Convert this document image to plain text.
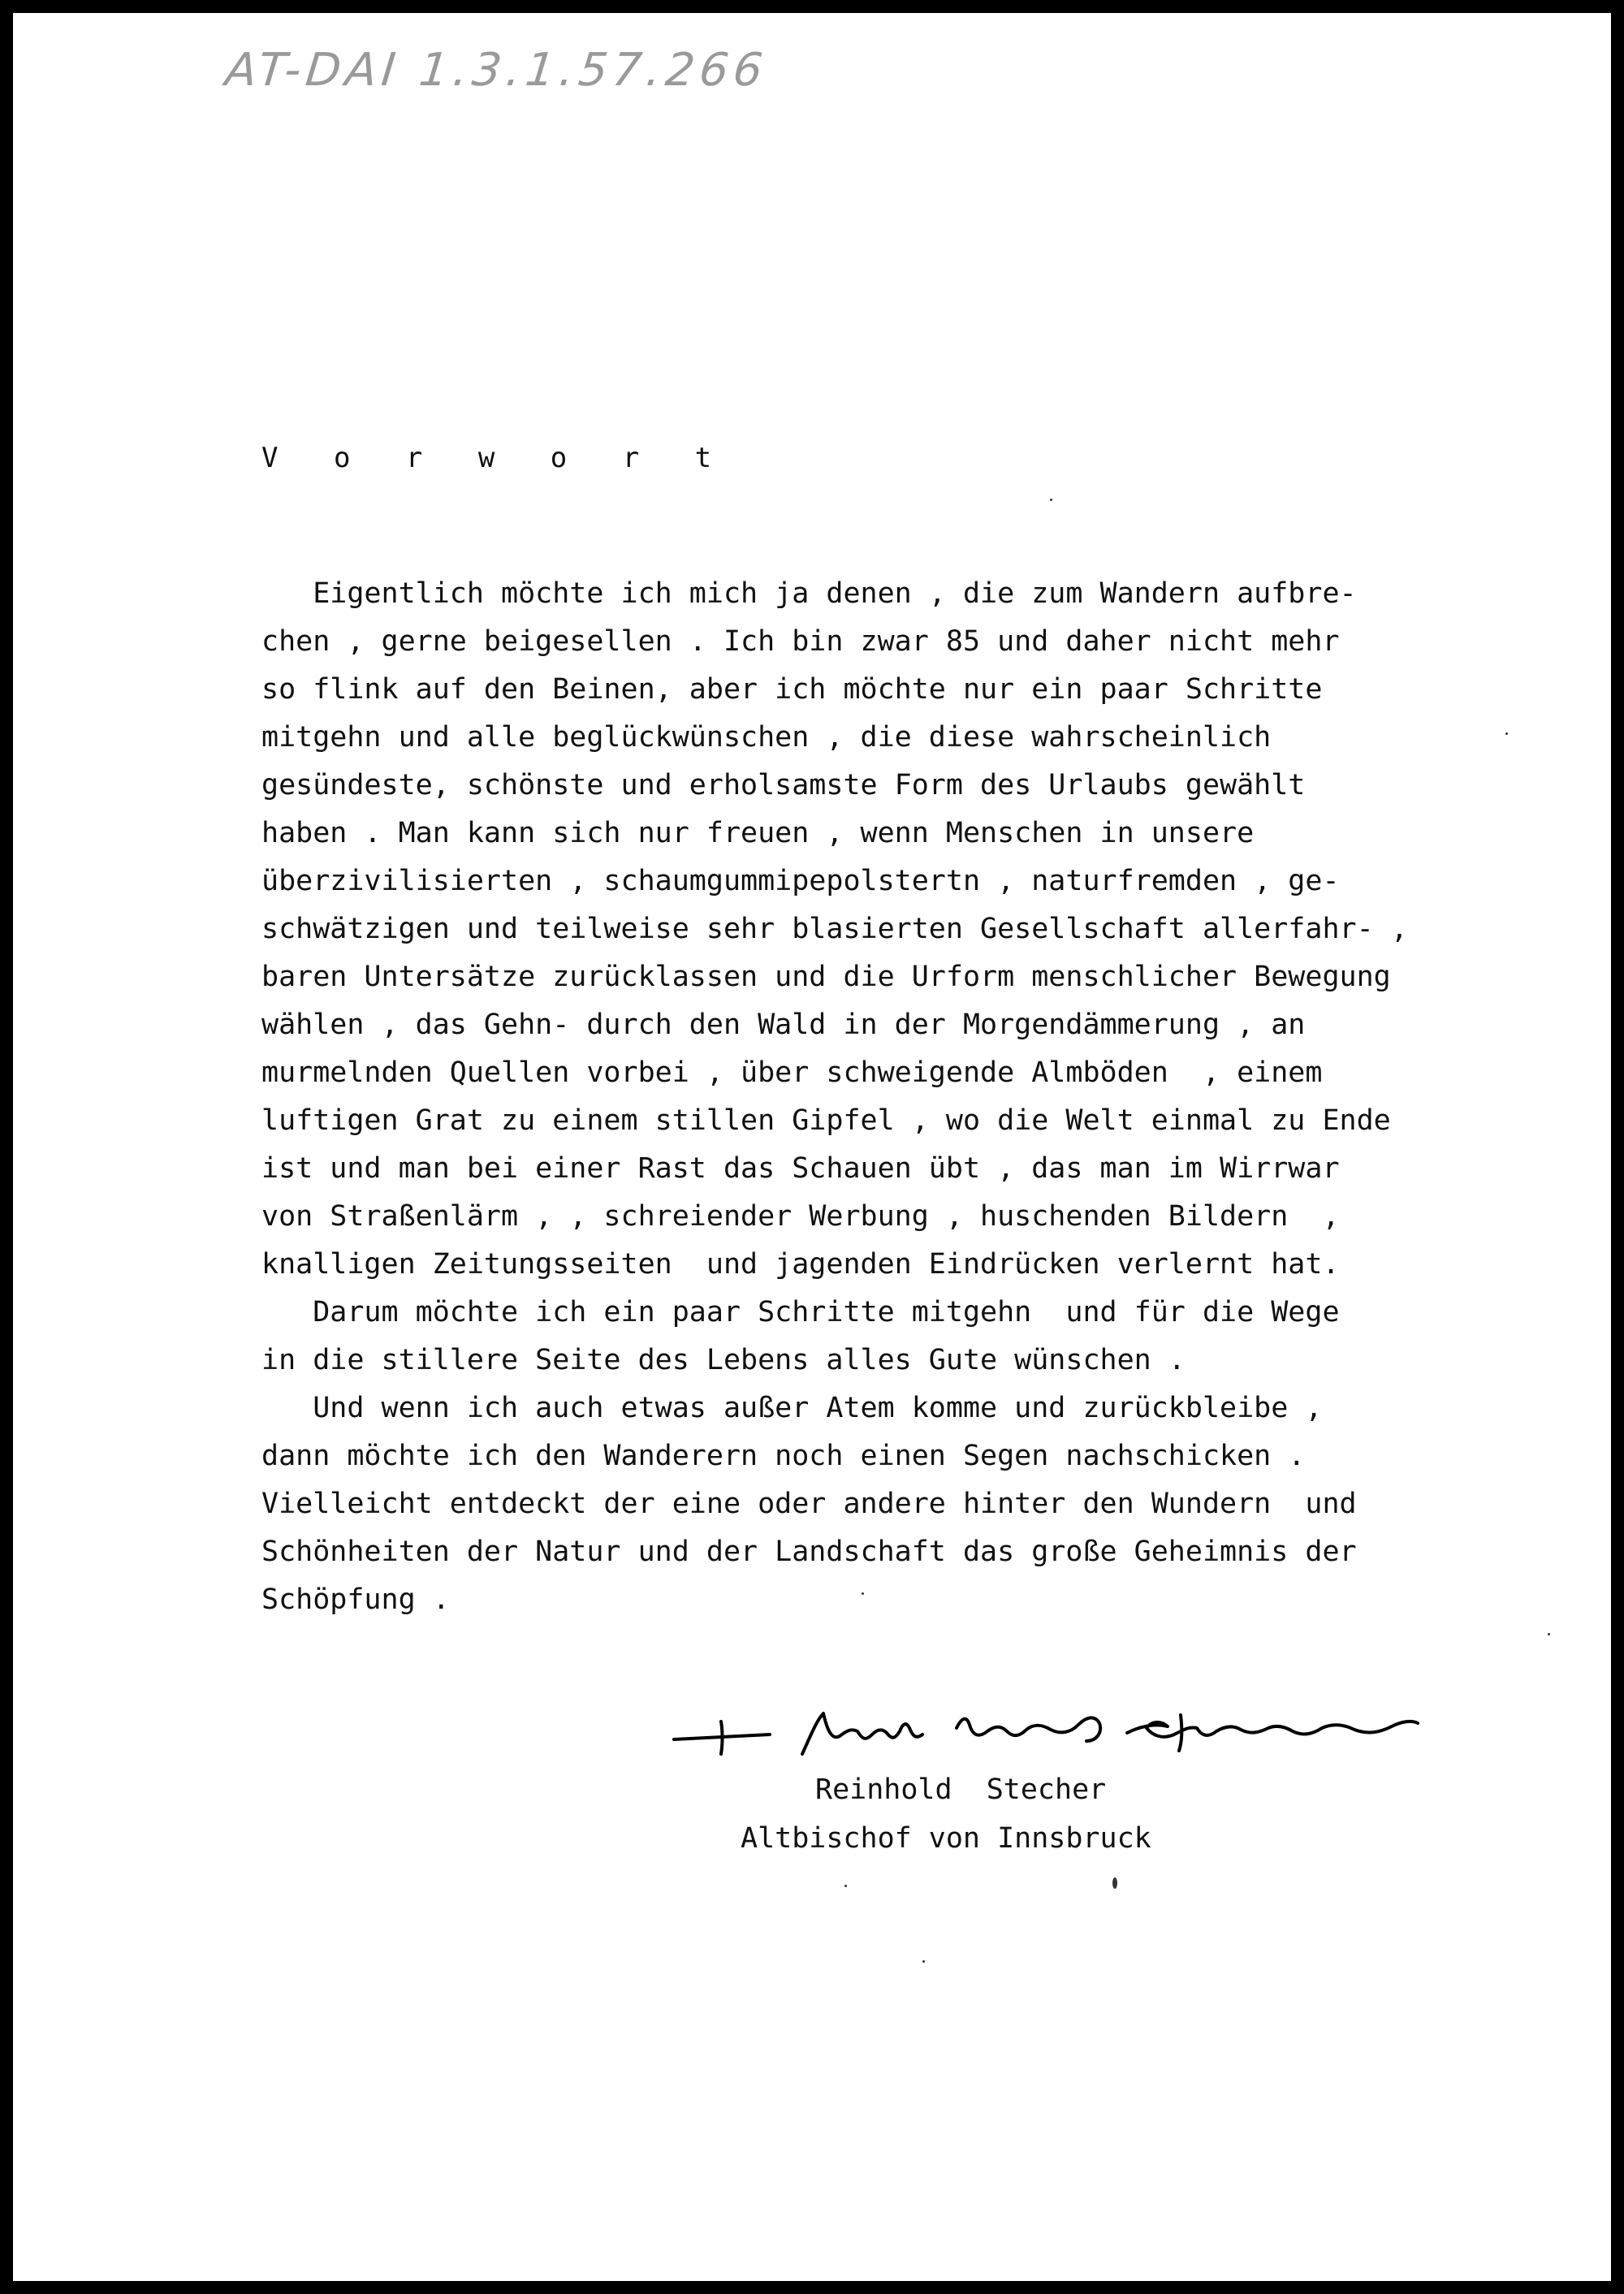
AT-DAI 1.3.1.57.266
V o r w o r t
Eigentlich möchte ich mich ja denen , die zum Wandern aufbre-
chen , gerne beigesellen . Ich bin zwar 85 und daher nicht mehr
so flink auf den Beinen, aber ich möchte nur ein paar Schritte
mitgehn und alle beglückwünschen , die diese wahrscheinlich
gesündeste, schönste und erholsamste Form des Urlaubs gewählt
haben . Man kann sich nur freuen , wenn Menschen in unsere
überzivilisierten , schaumgummipepolstertn , naturfremden , ge-
schwätzigen und teilweise sehr blasierten Gesellschaft allerfahr- ,
baren Untersätze zurücklassen und die Urform menschlicher Bewegung
wählen , das Gehn- durch den Wald in der Morgendämmerung , an
murmelnden Quellen vorbei , über schweigende Almböden  , einem
luftigen Grat zu einem stillen Gipfel , wo die Welt einmal zu Ende
ist und man bei einer Rast das Schauen übt , das man im Wirrwar
von Straßenlärm , , schreiender Werbung , huschenden Bildern  ,
knalligen Zeitungsseiten  und jagenden Eindrücken verlernt hat.
Darum möchte ich ein paar Schritte mitgehn  und für die Wege
in die stillere Seite des Lebens alles Gute wünschen .
Und wenn ich auch etwas außer Atem komme und zurückbleibe ,
dann möchte ich den Wanderern noch einen Segen nachschicken .
Vielleicht entdeckt der eine oder andere hinter den Wundern  und
Schönheiten der Natur und der Landschaft das große Geheimnis der
Schöpfung .
Reinhold  Stecher
Altbischof von Innsbruck
